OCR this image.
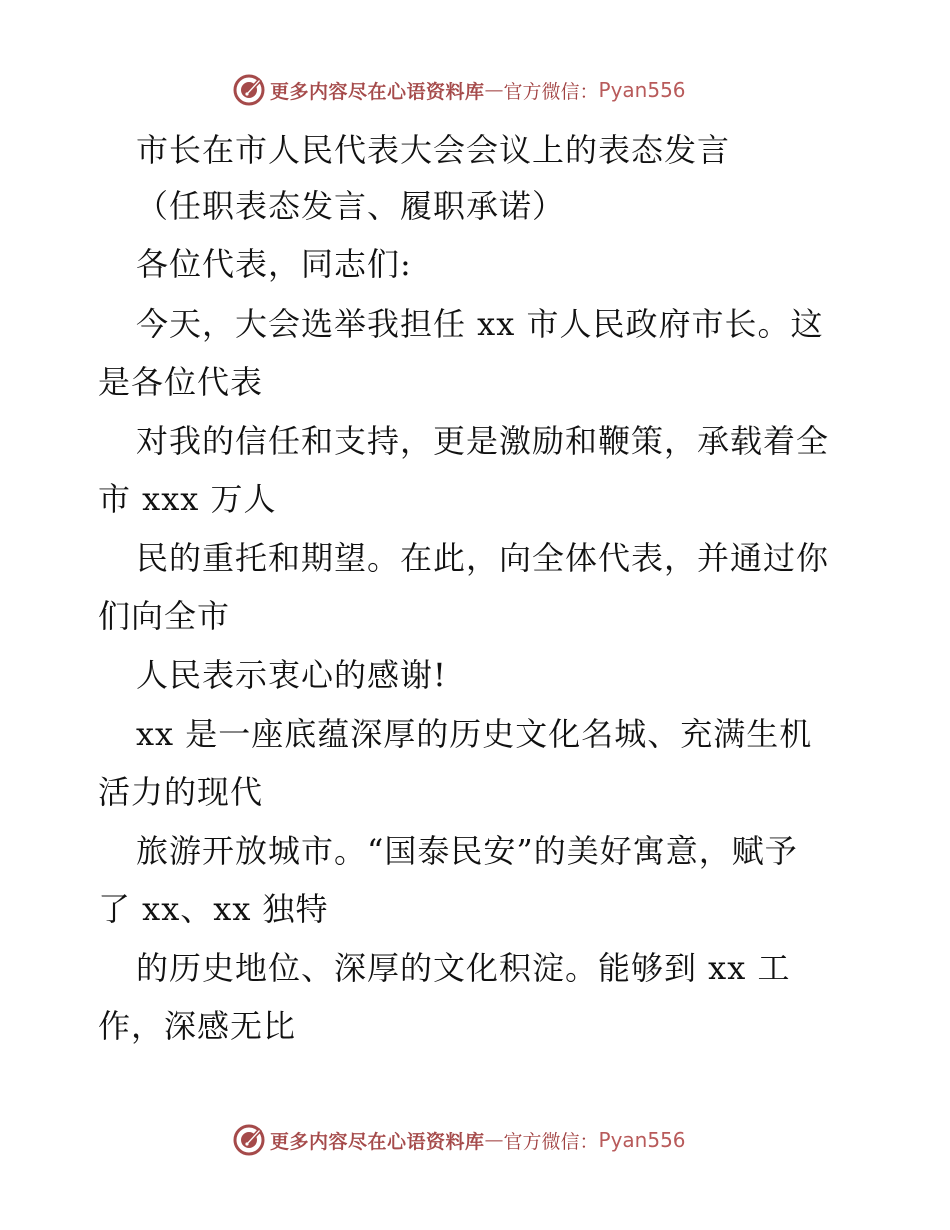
更多内容尽在心语资料库 — 官方微信： Pyan556
市长在市人民代表大会会议上的表态发言
（任职表态发言、履职承诺）
各位代表，同志们:
今天，大会选举我担任 xx 市人民政府市长。这
是各位代表
对我的信任和支持，更是激励和鞭策，承载着全
市 xxx 万人
民的重托和期望。在此，向全体代表，并通过你
们向全市
人民表示衷心的感谢!
xx 是一座底蕴深厚的历史文化名城、充满生机
活力的现代
旅游开放城市。“国泰民安”的美好寓意，赋予
了 xx、xx 独特
的历史地位、深厚的文化积淀。能够到 xx 工
作，深感无比
更多内容尽在心语资料库 — 官方微信： Pyan556
